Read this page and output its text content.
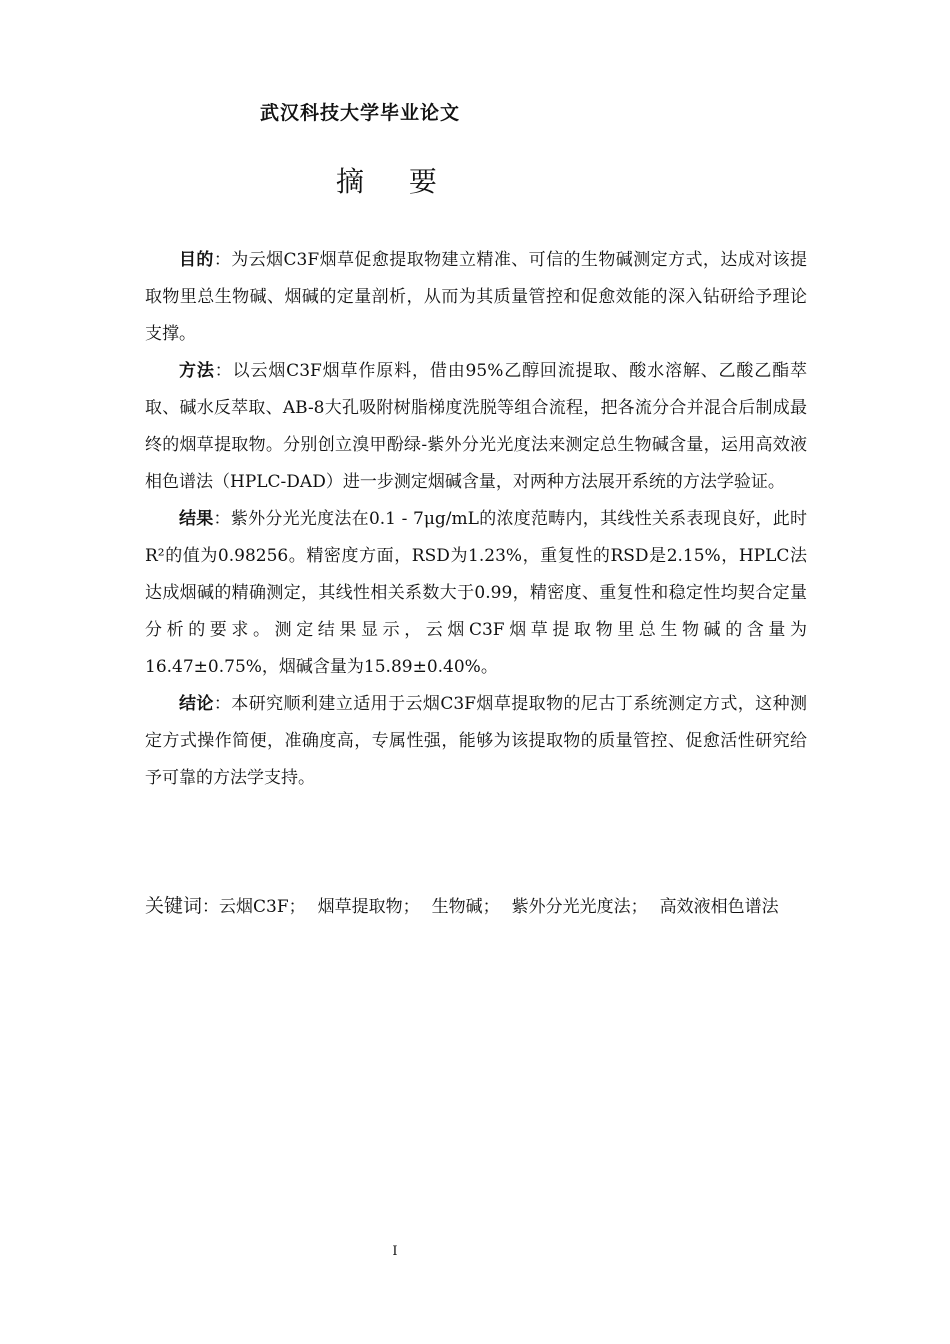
武汉科技大学毕业论文
摘 要

目的：为云烟C3F烟草促愈提取物建立精准、可信的生物碱测定方式，达成对该提取物里总生物碱、烟碱的定量剖析，从而为其质量管控和促愈效能的深入钻研给予理论支撑。

方法：以云烟C3F烟草作原料，借由95%乙醇回流提取、酸水溶解、乙酸乙酯萃取、碱水反萃取、AB-8大孔吸附树脂梯度洗脱等组合流程，把各流分合并混合后制成最终的烟草提取物。分别创立溴甲酚绿-紫外分光光度法来测定总生物碱含量，运用高效液相色谱法（HPLC-DAD）进一步测定烟碱含量，对两种方法展开系统的方法学验证。

结果：紫外分光光度法在0.1 - 7μg/mL的浓度范畴内，其线性关系表现良好，此时R²的值为0.98256。精密度方面，RSD为1.23%，重复性的RSD是2.15%，HPLC法达成烟碱的精确测定，其线性相关系数大于0.99，精密度、重复性和稳定性均契合定量分析的要求。测定结果显示，云烟C3F烟草提取物里总生物碱的含量为16.47±0.75%，烟碱含量为15.89±0.40%。

结论：本研究顺利建立适用于云烟C3F烟草提取物的尼古丁系统测定方式，这种测定方式操作简便，准确度高，专属性强，能够为该提取物的质量管控、促愈活性研究给予可靠的方法学支持。

关键词：云烟C3F； 烟草提取物； 生物碱； 紫外分光光度法； 高效液相色谱法
I
